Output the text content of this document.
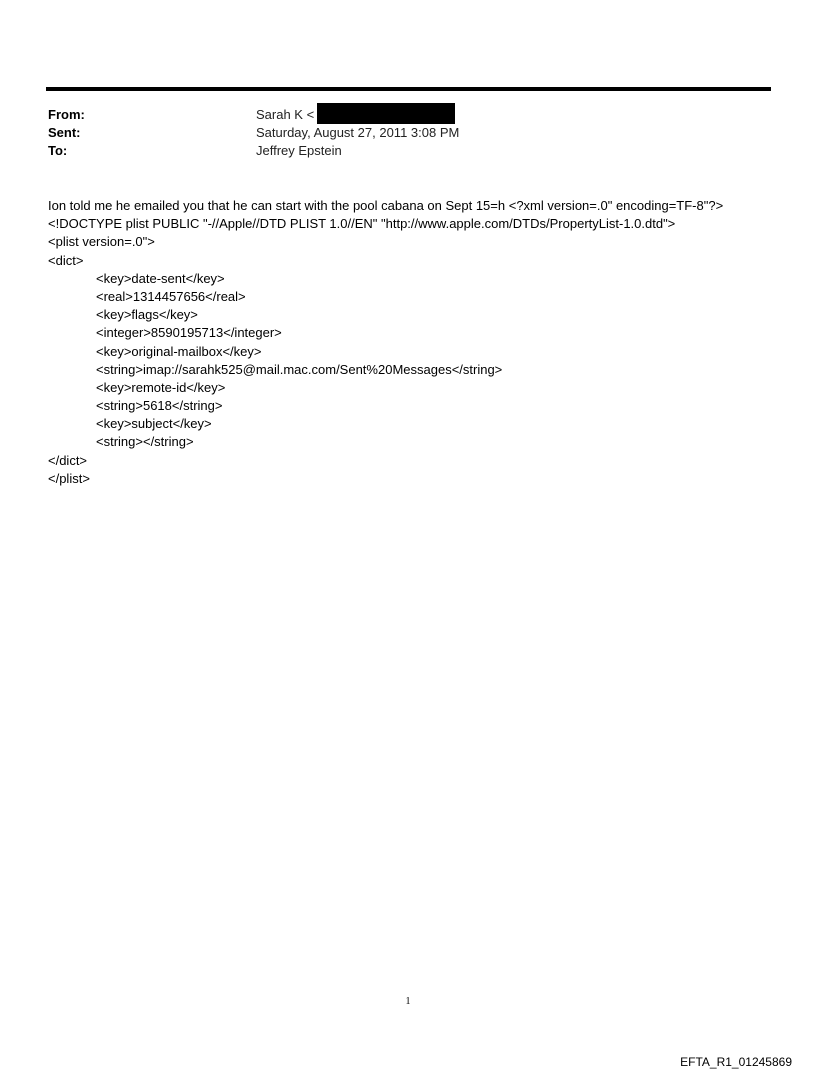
From:	Sarah K <
Sent:	Saturday, August 27, 2011 3:08 PM
To:	Jeffrey Epstein
Ion told me he emailed you that he can start with the pool cabana on Sept 15=h <?xml version=.0" encoding=TF-8"?>
<!DOCTYPE plist PUBLIC "-//Apple//DTD PLIST 1.0//EN" "http://www.apple.com/DTDs/PropertyList-1.0.dtd">
<plist version=.0">
<dict>
<key>date-sent</key>
<real>1314457656</real>
<key>flags</key>
<integer>8590195713</integer>
<key>original-mailbox</key>
<string>imap://sarahk525@mail.mac.com/Sent%20Messages</string>
<key>remote-id</key>
<string>5618</string>
<key>subject</key>
<string></string>
</dict>
</plist>
1
EFTA_R1_01245869
